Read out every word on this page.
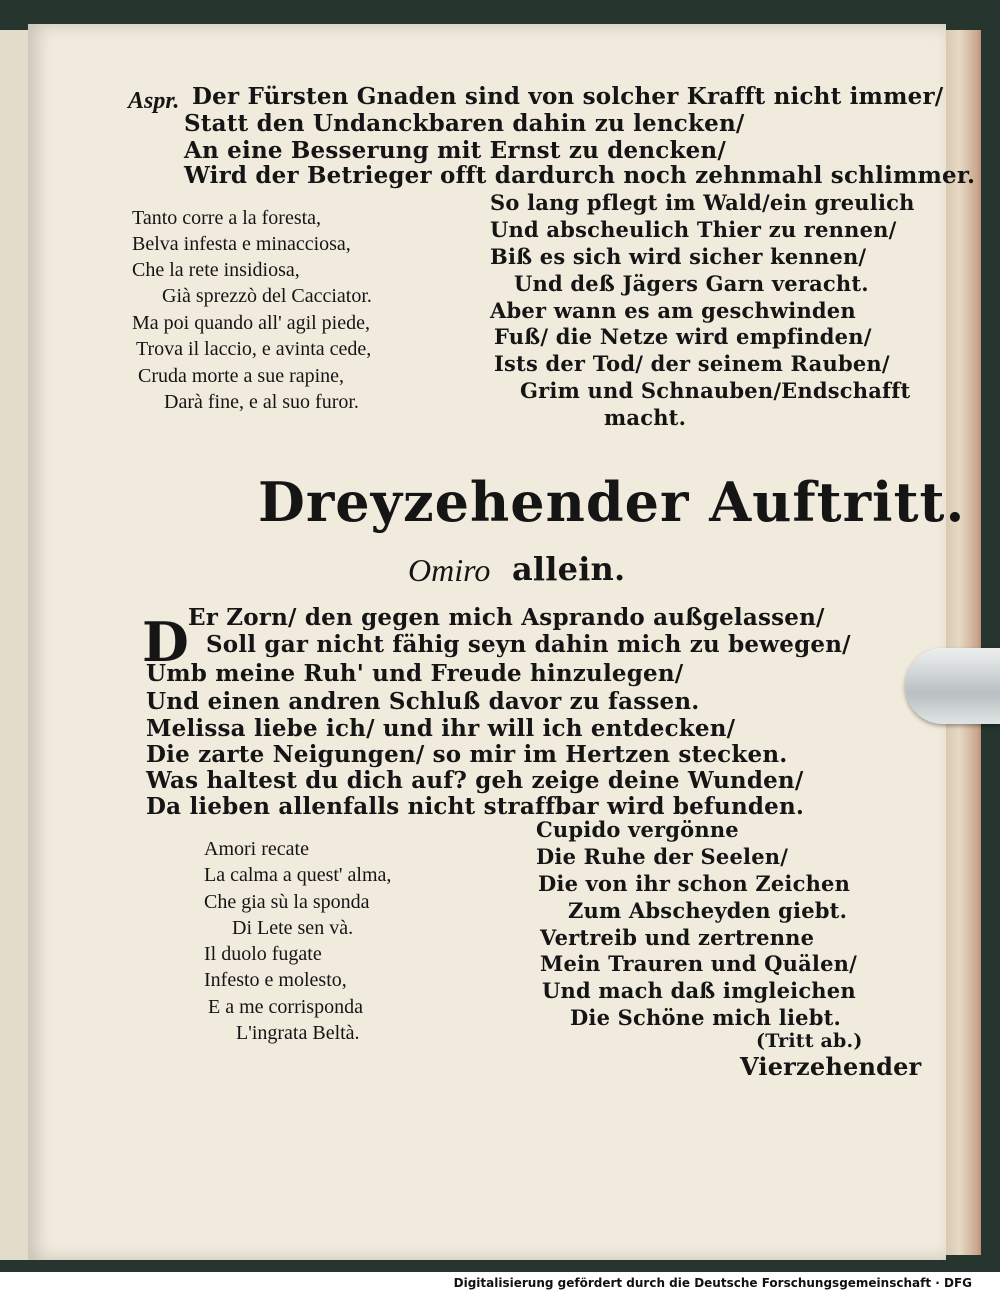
Aspr. Der Fürsten Gnaden sind von solcher Krafft nicht immer/
Statt den Undanckbaren dahin zu lencken/
An eine Besserung mit Ernst zu dencken/
Wird der Betrieger offt dardurch noch zehnmahl schlimmer.
Tanto corre a la foresta,
Belva infesta e minacciosa,
Che la rete insidiosa,
Già sprezzò del Cacciator.
Ma poi quando all' agil piede,
Trova il laccio, e avinta cede,
Cruda morte a sue rapine,
Darà fine, e al suo furor.
So lang pflegt im Wald/ein greulich
Und abscheulich Thier zu rennen/
Biß es sich wird sicher kennen/
Und deß Jägers Garn veracht.
Aber wann es am geschwinden
Fuß/ die Netze wird empfinden/
Ists der Tod/ der seinem Rauben/
Grim und Schnauben/Endschafft
macht.
Dreyzehender Auftritt.
Omiro allein.
D Er Zorn/ den gegen mich Asprando außgelassen/
Soll gar nicht fähig seyn dahin mich zu bewegen/
Umb meine Ruh' und Freude hinzulegen/
Und einen andren Schluß davor zu fassen.
Melissa liebe ich/ und ihr will ich entdecken/
Die zarte Neigungen/ so mir im Hertzen stecken.
Was haltest du dich auf? geh zeige deine Wunden/
Da lieben allenfalls nicht straffbar wird befunden.
Amori recate
La calma a quest' alma,
Che gia sù la sponda
Di Lete sen và.
Il duolo fugate
Infesto e molesto,
E a me corrisponda
L'ingrata Beltà.
Cupido vergönne
Die Ruhe der Seelen/
Die von ihr schon Zeichen
Zum Abscheyden giebt.
Vertreib und zertrenne
Mein Trauren und Quälen/
Und mach daß imgleichen
Die Schöne mich liebt.
(Tritt ab.)
Vierzehender
Digitalisierung gefördert durch die Deutsche Forschungsgemeinschaft · DFG
